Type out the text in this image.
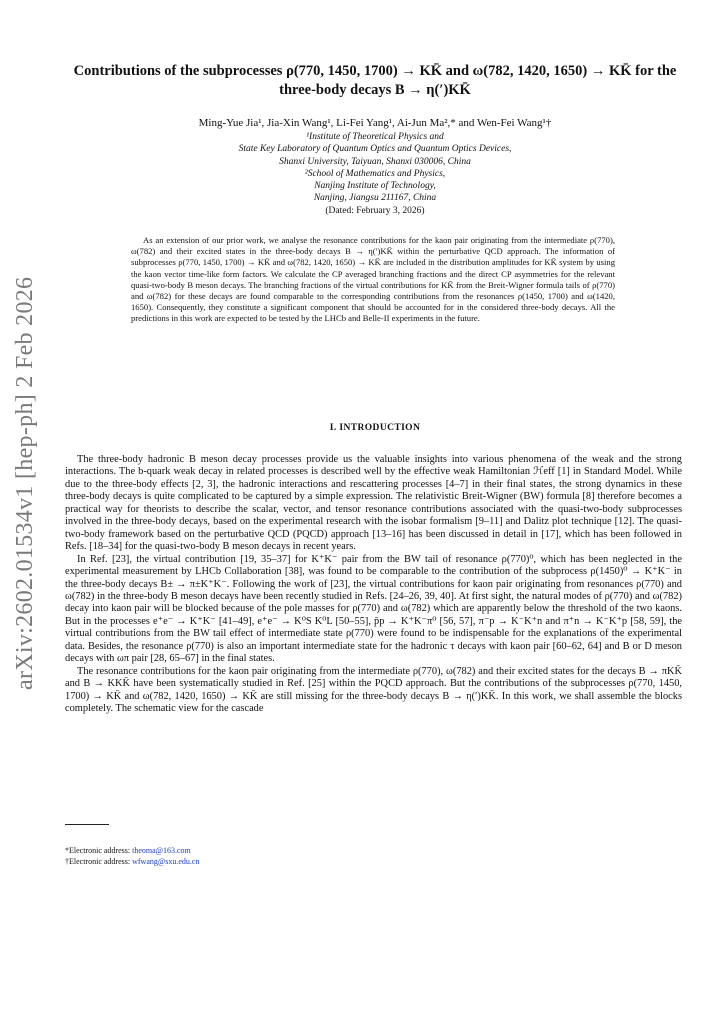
arXiv:2602.01534v1 [hep-ph] 2 Feb 2026
Contributions of the subprocesses ρ(770, 1450, 1700) → KK̄ and ω(782, 1420, 1650) → KK̄ for the
three-body decays B → η(′)KK̄
Ming-Yue Jia¹, Jia-Xin Wang¹, Li-Fei Yang¹, Ai-Jun Ma²,* and Wen-Fei Wang¹†
¹Institute of Theoretical Physics and
State Key Laboratory of Quantum Optics and Quantum Optics Devices,
Shanxi University, Taiyuan, Shanxi 030006, China
²School of Mathematics and Physics,
Nanjing Institute of Technology,
Nanjing, Jiangsu 211167, China
(Dated: February 3, 2026)

As an extension of our prior work, we analyse the resonance contributions for the kaon pair originating from the intermediate ρ(770), ω(782) and their excited states in the three-body decays B → η(′)KK̄ within the perturbative QCD approach. The information of subprocesses ρ(770, 1450, 1700) → KK̄ and ω(782, 1420, 1650) → KK̄ are included in the distribution amplitudes for KK̄ system by using the kaon vector time-like form factors. We calculate the CP averaged branching fractions and the direct CP asymmetries for the relevant quasi-two-body B meson decays. The branching fractions of the virtual contributions for KK̄ from the Breit-Wigner formula tails of ρ(770) and ω(782) for these decays are found comparable to the corresponding contributions from the resonances ρ(1450, 1700) and ω(1420, 1650). Consequently, they constitute a significant component that should be accounted for in the considered three-body decays. All the predictions in this work are expected to be tested by the LHCb and Belle-II experiments in the future.

I. INTRODUCTION

The three-body hadronic B meson decay processes provide us the valuable insights into various phenomena of the weak and the strong interactions. The b-quark weak decay in related processes is described well by the effective weak Hamiltonian ℋeff [1] in Standard Model. While due to the three-body effects [2, 3], the hadronic interactions and rescattering processes [4–7] in their final states, the strong dynamics in these three-body decays is quite complicated to be captured by a simple expression. The relativistic Breit-Wigner (BW) formula [8] therefore becomes a practical way for theorists to describe the scalar, vector, and tensor resonance contributions associated with the quasi-two-body subprocesses involved in the three-body decays, based on the experimental research with the isobar formalism [9–11] and Dalitz plot technique [12]. The quasi-two-body framework based on the perturbative QCD (PQCD) approach [13–16] has been discussed in detail in [17], which has been followed in Refs. [18–34] for the quasi-two-body B meson decays in recent years.

In Ref. [23], the virtual contribution [19, 35–37] for K⁺K⁻ pair from the BW tail of resonance ρ(770)⁰, which has been neglected in the experimental measurement by LHCb Collaboration [38], was found to be comparable to the contribution of the subprocess ρ(1450)⁰ → K⁺K⁻ in the three-body decays B± → π±K⁺K⁻. Following the work of [23], the virtual contributions for kaon pair originating from resonances ρ(770) and ω(782) in the three-body B meson decays have been recently studied in Refs. [24–26, 39, 40]. At first sight, the natural modes of ρ(770) and ω(782) decay into kaon pair will be blocked because of the pole masses for ρ(770) and ω(782) which are apparently below the threshold of the two kaons. But in the processes e⁺e⁻ → K⁺K⁻ [41–49], e⁺e⁻ → K⁰S K⁰L [50–55], p̄p → K⁺K⁻π⁰ [56, 57], π⁻p → K⁻K⁺n and π⁺n → K⁻K⁺p [58, 59], the virtual contributions from the BW tail effect of intermediate state ρ(770) were found to be indispensable for the explanations of the experimental data. Besides, the resonance ρ(770) is also an important intermediate state for the hadronic τ decays with kaon pair [60–62, 64] and B or D meson decays with ωπ pair [28, 65–67] in the final states.

The resonance contributions for the kaon pair originating from the intermediate ρ(770), ω(782) and their excited states for the decays B → πKK̄ and B → KKK̄ have been systematically studied in Ref. [25] within the PQCD approach. But the contributions of the subprocesses ρ(770, 1450, 1700) → KK̄ and ω(782, 1420, 1650) → KK̄ are still missing for the three-body decays B → η(′)KK̄. In this work, we shall assemble the blocks completely. The schematic view for the cascade

*Electronic address: theoma@163.com
†Electronic address: wfwang@sxu.edu.cn
